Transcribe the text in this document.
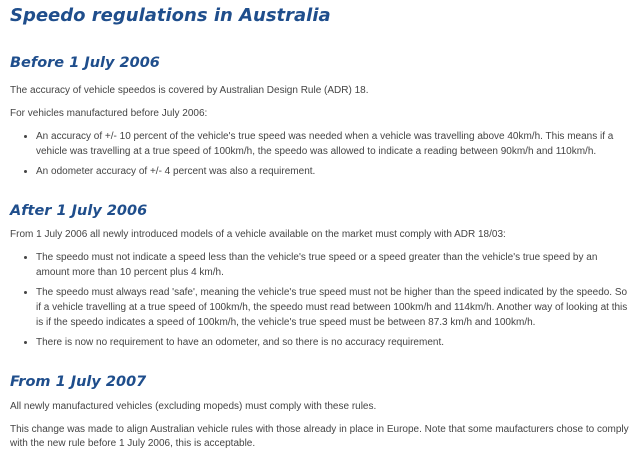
Speedo regulations in Australia
Before 1 July 2006

The accuracy of vehicle speedos is covered by Australian Design Rule (ADR) 18.

For vehicles manufactured before July 2006:

• An accuracy of +/- 10 percent of the vehicle's true speed was needed when a vehicle was travelling above 40km/h. This means if a vehicle was travelling at a true speed of 100km/h, the speedo was allowed to indicate a reading between 90km/h and 110km/h.
• An odometer accuracy of +/- 4 percent was also a requirement.
After 1 July 2006

From 1 July 2006 all newly introduced models of a vehicle available on the market must comply with ADR 18/03:

• The speedo must not indicate a speed less than the vehicle's true speed or a speed greater than the vehicle's true speed by an amount more than 10 percent plus 4 km/h.
• The speedo must always read 'safe', meaning the vehicle's true speed must not be higher than the speed indicated by the speedo. So if a vehicle travelling at a true speed of 100km/h, the speedo must read between 100km/h and 114km/h. Another way of looking at this is if the speedo indicates a speed of 100km/h, the vehicle's true speed must be between 87.3 km/h and 100km/h.
• There is now no requirement to have an odometer, and so there is no accuracy requirement.
From 1 July 2007

All newly manufactured vehicles (excluding mopeds) must comply with these rules.

This change was made to align Australian vehicle rules with those already in place in Europe. Note that some maufacturers chose to comply with the new rule before 1 July 2006, this is acceptable.
